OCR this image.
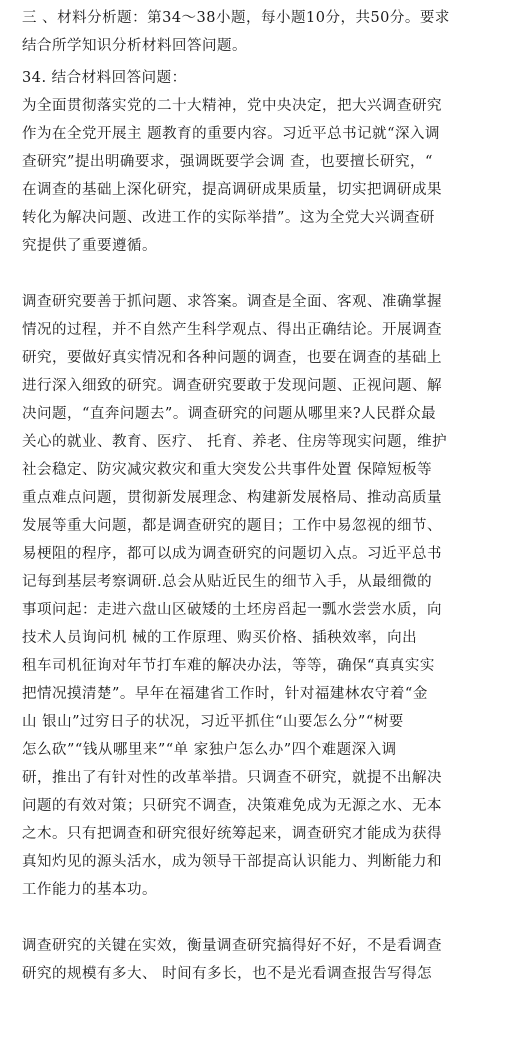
三 、材料分析题：第34～38小题，每小题10分，共50分。要求
结合所学知识分析材料回答问题。
34. 结合材料回答问题：
为全面贯彻落实党的二十大精神，党中央决定，把大兴调查研究
作为在全党开展主 题教育的重要内容。习近平总书记就“深入调
查研究”提出明确要求，强调既要学会调 查，也要擅长研究，“
在调查的基础上深化研究，提高调研成果质量，切实把调研成果
转化为解决问题、改进工作的实际举措”。这为全党大兴调查研
究提供了重要遵循。
调查研究要善于抓问题、求答案。调查是全面、客观、准确掌握
情况的过程，并不自然产生科学观点、得出正确结论。开展调查
研究，要做好真实情况和各种问题的调查，也要在调查的基础上
进行深入细致的研究。调查研究要敢于发现问题、正视问题、解
决问题，“直奔问题去”。调查研究的问题从哪里来?人民群众最
关心的就业、教育、医疗、 托育、养老、住房等现实问题，维护
社会稳定、防灾减灾救灾和重大突发公共事件处置 保障短板等
重点难点问题，贯彻新发展理念、构建新发展格局、推动高质量
发展等重大问题，都是调查研究的题目；工作中易忽视的细节、
易梗阻的程序，都可以成为调查研究的问题切入点。习近平总书
记每到基层考察调研.总会从贴近民生的细节入手，从最细微的
事项问起：走进六盘山区破矮的土坯房舀起一瓢水尝尝水质，向
技术人员询问机 械的工作原理、购买价格、插秧效率，向出
租车司机征询对年节打车难的解决办法，等等，确保“真真实实
把情况摸清楚”。早年在福建省工作时，针对福建林农守着“金
山 银山”过穷日子的状况，习近平抓住“山要怎么分”“树要
怎么砍”“钱从哪里来”“单 家独户怎么办”四个难题深入调
研，推出了有针对性的改革举措。只调查不研究，就提不出解决
问题的有效对策；只研究不调查，决策难免成为无源之水、无本
之木。只有把调查和研究很好统筹起来，调查研究才能成为获得
真知灼见的源头活水，成为领导干部提高认识能力、判断能力和
工作能力的基本功。
调查研究的关键在实效，衡量调查研究搞得好不好，不是看调查
研究的规模有多大、 时间有多长，也不是光看调查报告写得怎
